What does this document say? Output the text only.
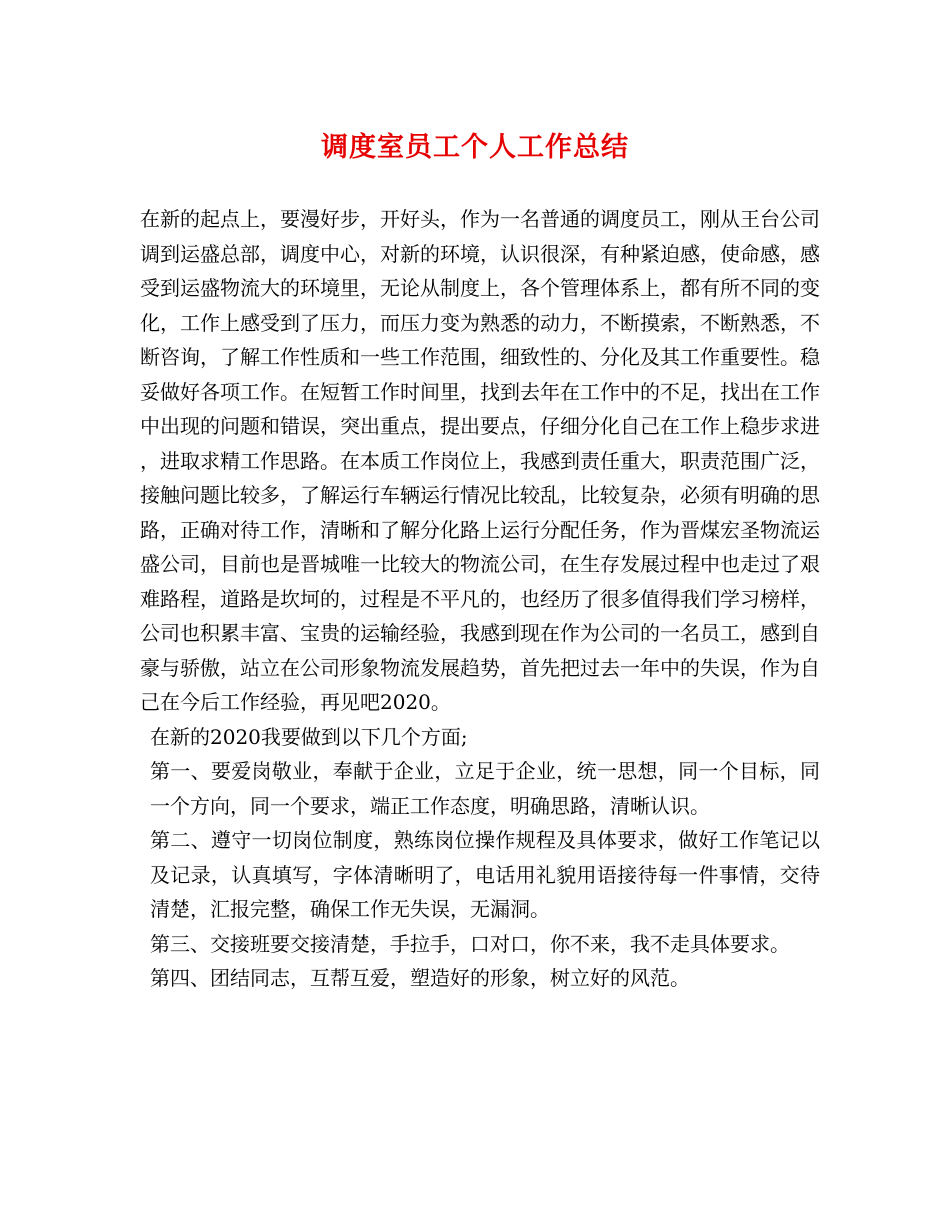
调度室员工个人工作总结

在新的起点上，要漫好步，开好头，作为一名普通的调度员工，刚从王台公司调到运盛总部，调度中心，对新的环境，认识很深，有种紧迫感，使命感，感受到运盛物流大的环境里，无论从制度上，各个管理体系上，都有所不同的变化，工作上感受到了压力，而压力变为熟悉的动力，不断摸索，不断熟悉，不断咨询，了解工作性质和一些工作范围，细致性的、分化及其工作重要性。稳妥做好各项工作。在短暂工作时间里，找到去年在工作中的不足，找出在工作中出现的问题和错误，突出重点，提出要点，仔细分化自己在工作上稳步求进，进取求精工作思路。在本质工作岗位上，我感到责任重大，职责范围广泛，接触问题比较多，了解运行车辆运行情况比较乱，比较复杂，必须有明确的思路，正确对待工作，清晰和了解分化路上运行分配任务，作为晋煤宏圣物流运盛公司，目前也是晋城唯一比较大的物流公司，在生存发展过程中也走过了艰难路程，道路是坎坷的，过程是不平凡的，也经历了很多值得我们学习榜样，公司也积累丰富、宝贵的运输经验，我感到现在作为公司的一名员工，感到自豪与骄傲，站立在公司形象物流发展趋势，首先把过去一年中的失误，作为自己在今后工作经验，再见吧2020。

在新的2020我要做到以下几个方面;

第一、要爱岗敬业，奉献于企业，立足于企业，统一思想，同一个目标，同一个方向，同一个要求，端正工作态度，明确思路，清晰认识。

第二、遵守一切岗位制度，熟练岗位操作规程及具体要求，做好工作笔记以及记录，认真填写，字体清晰明了，电话用礼貌用语接待每一件事情，交待清楚，汇报完整，确保工作无失误，无漏洞。

第三、交接班要交接清楚，手拉手，口对口，你不来，我不走具体要求。

第四、团结同志，互帮互爱，塑造好的形象，树立好的风范。
